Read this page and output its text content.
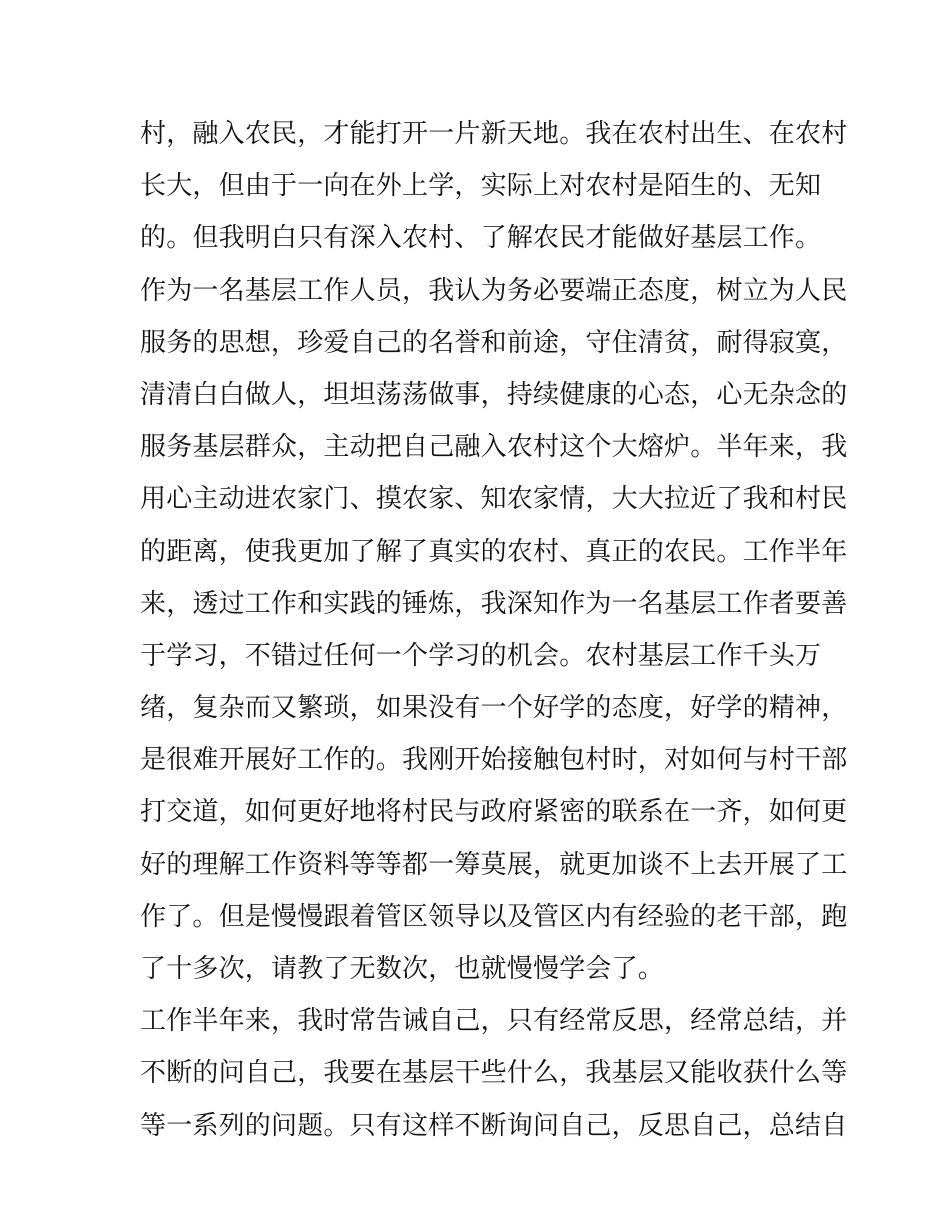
村，融入农民，才能打开一片新天地。我在农村出生、在农村
长大，但由于一向在外上学，实际上对农村是陌生的、无知
的。但我明白只有深入农村、了解农民才能做好基层工作。
作为一名基层工作人员，我认为务必要端正态度，树立为人民
服务的思想，珍爱自己的名誉和前途，守住清贫，耐得寂寞，
清清白白做人，坦坦荡荡做事，持续健康的心态，心无杂念的
服务基层群众，主动把自己融入农村这个大熔炉。半年来，我
用心主动进农家门、摸农家、知农家情，大大拉近了我和村民
的距离，使我更加了解了真实的农村、真正的农民。工作半年
来，透过工作和实践的锤炼，我深知作为一名基层工作者要善
于学习，不错过任何一个学习的机会。农村基层工作千头万
绪，复杂而又繁琐，如果没有一个好学的态度，好学的精神，
是很难开展好工作的。我刚开始接触包村时，对如何与村干部
打交道，如何更好地将村民与政府紧密的联系在一齐，如何更
好的理解工作资料等等都一筹莫展，就更加谈不上去开展了工
作了。但是慢慢跟着管区领导以及管区内有经验的老干部，跑
了十多次，请教了无数次，也就慢慢学会了。
工作半年来，我时常告诫自己，只有经常反思，经常总结，并
不断的问自己，我要在基层干些什么，我基层又能收获什么等
等一系列的问题。只有这样不断询问自己，反思自己，总结自
